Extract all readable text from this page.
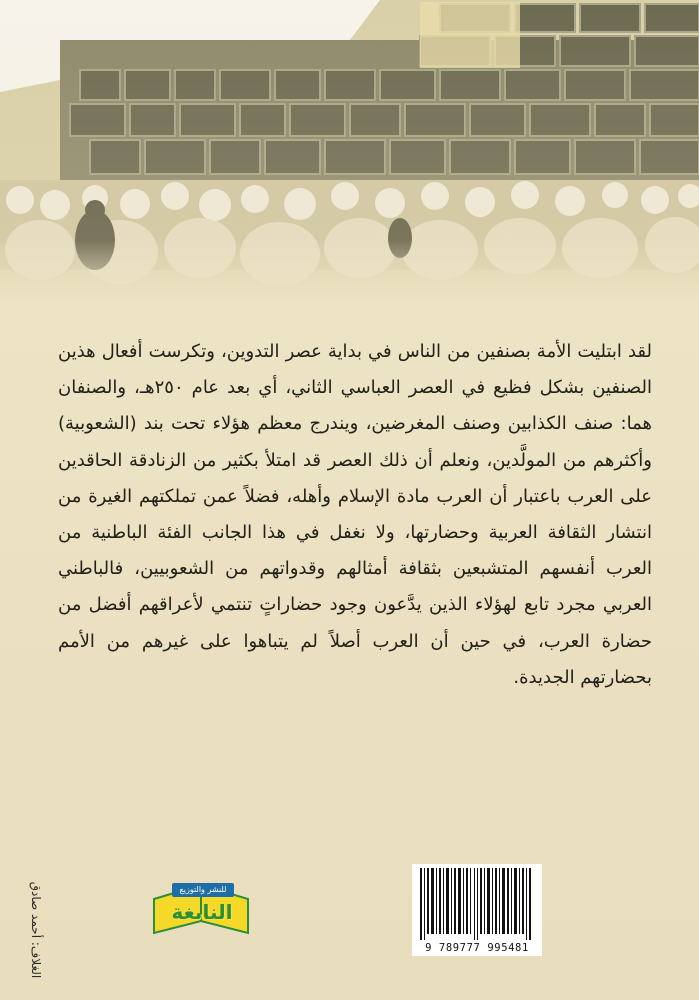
لقد ابتليت الأمة بصنفين من الناس في بداية عصر التدوين، وتكرست أفعال هذين الصنفين بشكل فظيع في العصر العباسي الثاني، أي بعد عام ٢٥٠هـ، والصنفان هما: صنف الكذابين وصنف المغرضين، ويندرج معظم هؤلاء تحت بند (الشعوبية) وأكثرهم من المولَّدين، ونعلم أن ذلك العصر قد امتلأ بكثير من الزنادقة الحاقدين على العرب باعتبار أن العرب مادة الإسلام وأهله، فضلاً عمن تملكتهم الغيرة من انتشار الثقافة العربية وحضارتها، ولا نغفل في هذا الجانب الفئة الباطنية من العرب أنفسهم المتشبعين بثقافة أمثالهم وقدواتهم من الشعوبيين، فالباطني العربي مجرد تابع لهؤلاء الذين يدَّعون وجود حضاراتٍ تنتمي لأعراقهم أفضل من حضارة العرب، في حين أن العرب أصلاً لم يتباهوا على غيرهم من الأمم بحضارتهم الجديدة.
الغلاف: أحمد صادق	للنشر والتوزيع
النابغة
9 789777 995481
